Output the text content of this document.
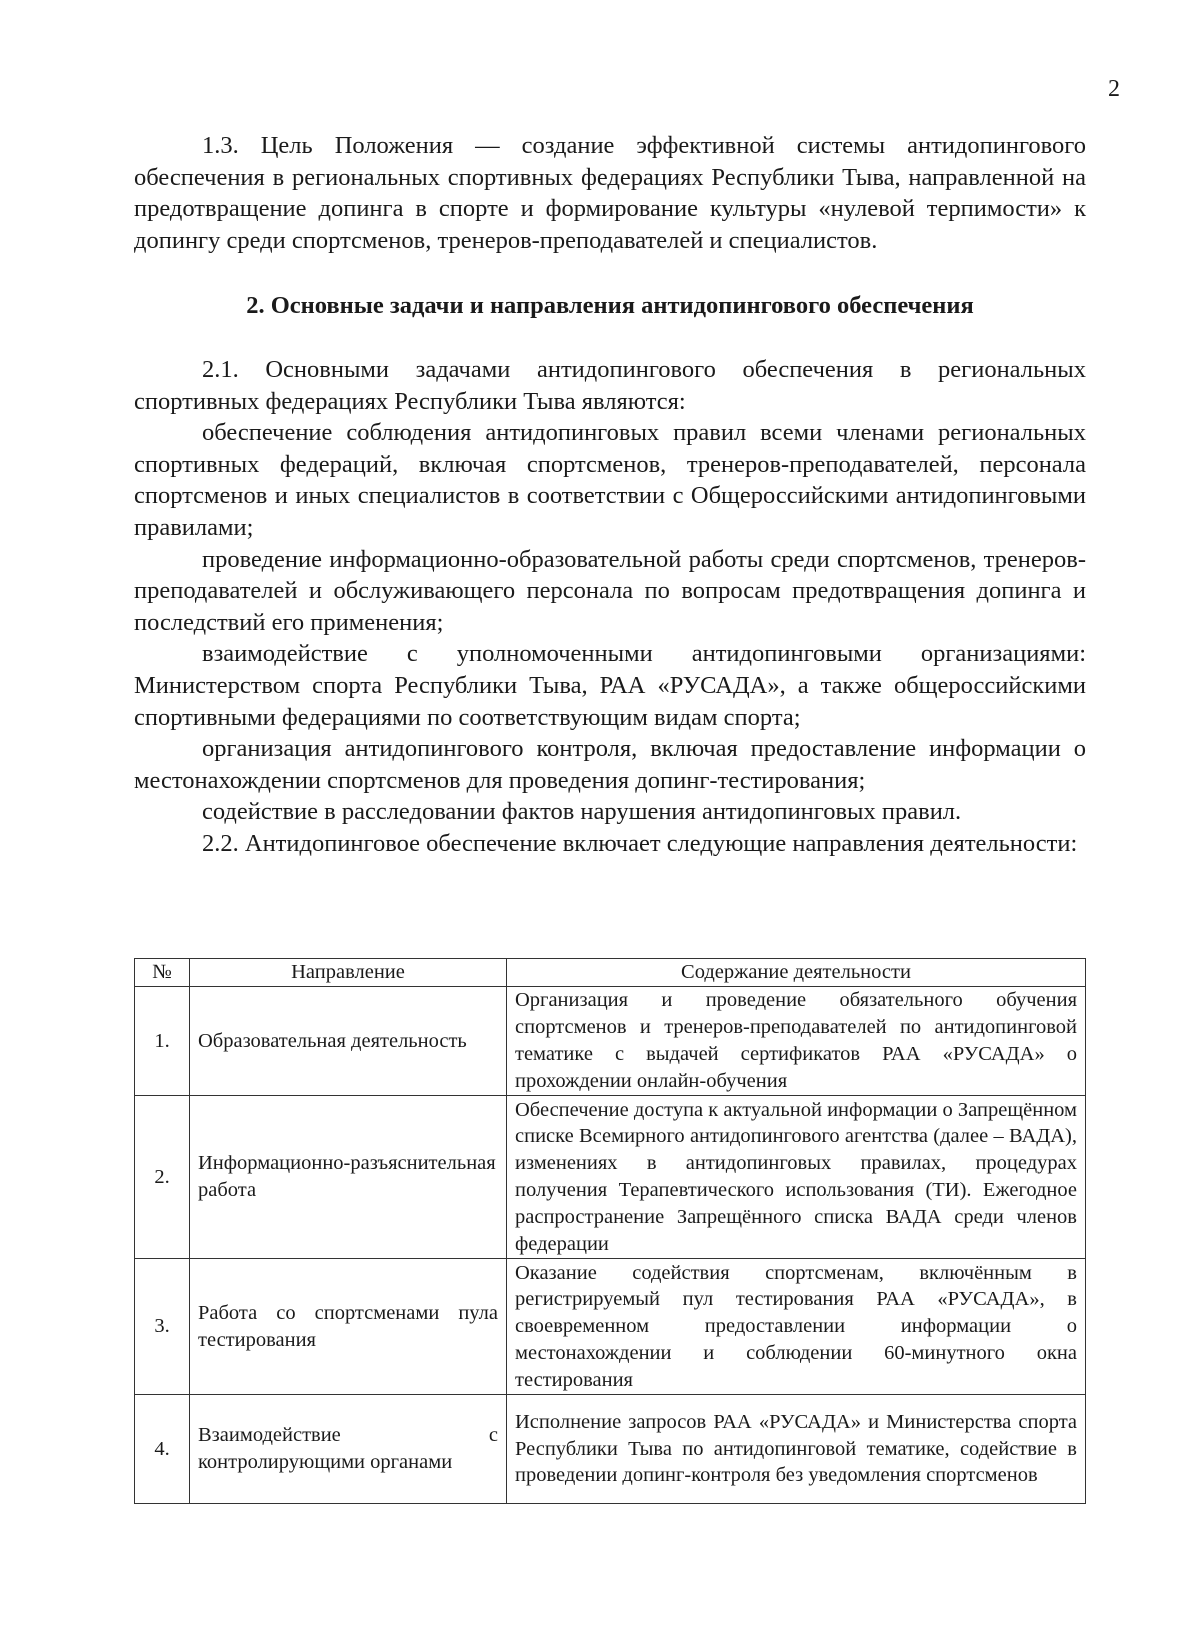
2

1.3. Цель Положения — создание эффективной системы антидопингового обеспечения в региональных спортивных федерациях Республики Тыва, направленной на предотвращение допинга в спорте и формирование культуры «нулевой терпимости» к допингу среди спортсменов, тренеров-преподавателей и специалистов.

2. Основные задачи и направления антидопингового обеспечения

2.1. Основными задачами антидопингового обеспечения в региональных спортивных федерациях Республики Тыва являются:

обеспечение соблюдения антидопинговых правил всеми членами региональных спортивных федераций, включая спортсменов, тренеров-преподавателей, персонала спортсменов и иных специалистов в соответствии с Общероссийскими антидопинговыми правилами;

проведение информационно-образовательной работы среди спортсменов, тренеров-преподавателей и обслуживающего персонала по вопросам предотвращения допинга и последствий его применения;

взаимодействие с уполномоченными антидопинговыми организациями: Министерством спорта Республики Тыва, РАА «РУСАДА», а также общероссийскими спортивными федерациями по соответствующим видам спорта;

организация антидопингового контроля, включая предоставление информации о местонахождении спортсменов для проведения допинг-тестирования;

содействие в расследовании фактов нарушения антидопинговых правил.

2.2. Антидопинговое обеспечение включает следующие направления деятельности:

№	Направление	Содержание деятельности
1.	Образовательная деятельность	Организация и проведение обязательного обучения спортсменов и тренеров-преподавателей по антидопинговой тематике с выдачей сертификатов РАА «РУСАДА» о прохождении онлайн-обучения
2.	Информационно-разъяснительная работа	Обеспечение доступа к актуальной информации о Запрещённом списке Всемирного антидопингового агентства (далее – ВАДА), изменениях в антидопинговых правилах, процедурах получения Терапевтического использования (ТИ). Ежегодное распространение Запрещённого списка ВАДА среди членов федерации
3.	Работа со спортсменами пула тестирования	Оказание содействия спортсменам, включённым в регистрируемый пул тестирования РАА «РУСАДА», в своевременном предоставлении информации о местонахождении и соблюдении 60-минутного окна тестирования
4.	Взаимодействие с контролирующими органами	Исполнение запросов РАА «РУСАДА» и Министерства спорта Республики Тыва по антидопинговой тематике, содействие в проведении допинг-контроля без уведомления спортсменов
